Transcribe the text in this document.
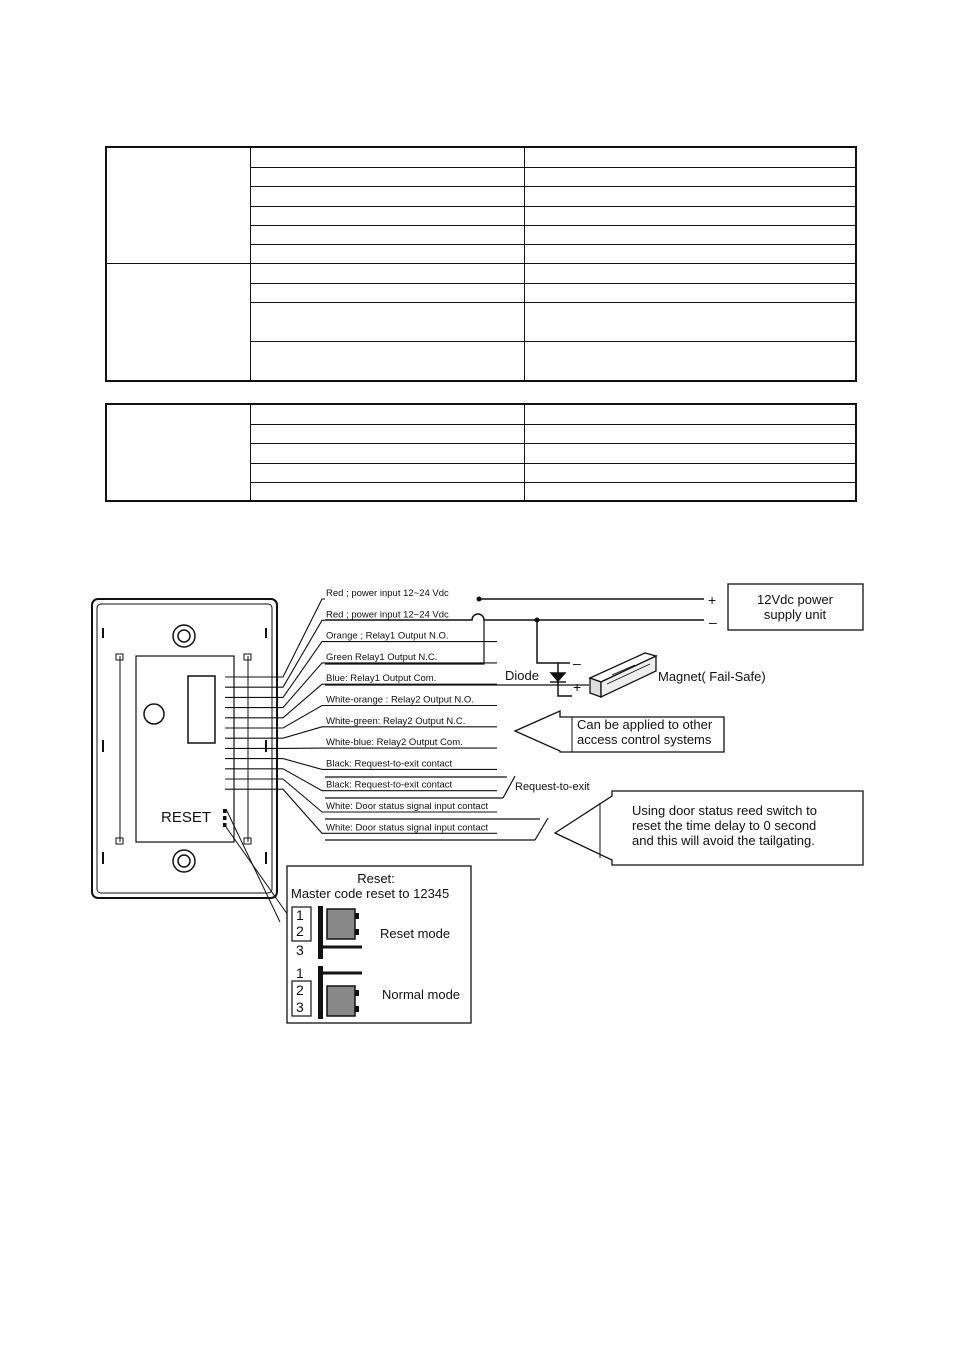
RESET
Red ; power input 12~24 Vdc
Red ; power input 12~24 Vdc
Orange ; Relay1 Output N.O.
Green Relay1 Output N.C.
Blue: Relay1 Output Com.
White-orange : Relay2 Output N.O.
White-green: Relay2 Output N.C.
White-blue: Relay2 Output Com.
Black: Request-to-exit contact
Black: Request-to-exit contact
White: Door status signal input contact
White: Door status signal input contact
+
–
12Vdc power
supply unit
Diode
–
+
Magnet( Fail-Safe)
Can be applied to other
access control systems
Request-to-exit
Using door status reed switch to
reset the time delay to 0 second
and this will avoid the tailgating.
Reset:
Master code reset to 12345
1
2
3
Reset mode
1
2
3
Normal mode
